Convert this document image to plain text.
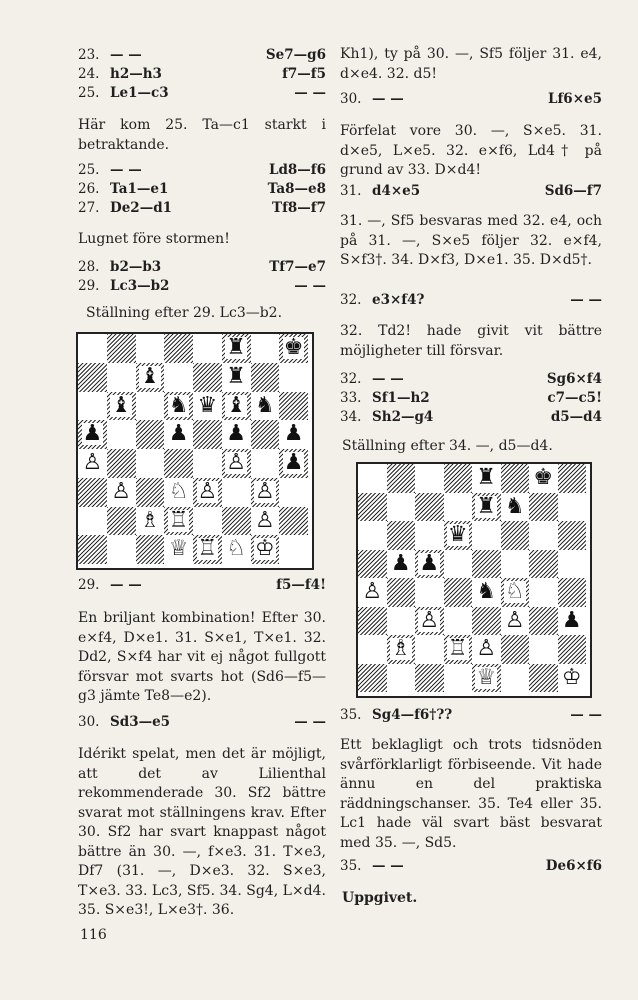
23. — —	Se7—g6
24. h2—h3	f7—f5
25. Le1—c3	— —
Här kom 25. Ta—c1 starkt i betraktande.
25. — —	Ld8—f6
26. Ta1—e1	Ta8—e8
27. De2—d1	Tf8—f7
Lugnet före stormen!
28. b2—b3	Tf7—e7
29. Lc3—b2	— —
Ställning efter 29. Lc3—b2.
♜ ♚
♝	♜
♝ ♞ ♛ ♝ ♞
♟	♟ ♟ ♟
♙	♙ ♟
♙ ♘ ♙ ♙
♗ ♖	♙
♕ ♖ ♘ ♔
29. — —	f5—f4!
En briljant kombination! Efter 30. e×f4, D×e1. 31. S×e1, T×e1. 32. Dd2, S×f4 har vit ej något fullgott försvar mot svarts hot (Sd6—f5—g3 jämte Te8—e2).
30. Sd3—e5	— —
Idérikt spelat, men det är möjligt, att det av Lilienthal rekommenderade 30. Sf2 bättre svarat mot ställningens krav. Efter 30. Sf2 har svart knappast något bättre än 30. —, f×e3. 31. T×e3, Df7 (31. —, D×e3. 32. S×e3, T×e3. 33. Lc3, Sf5. 34. Sg4, L×d4. 35. S×e3!, L×e3†. 36.
Kh1), ty på 30. —, Sf5 följer 31. e4, d×e4. 32. d5!
30. — —	Lf6×e5
Förfelat vore 30. —, S×e5. 31. d×e5, L×e5. 32. e×f6, Ld4† på grund av 33. D×d4!
31. d4×e5	Sd6—f7
31. —, Sf5 besvaras med 32. e4, och på 31. —, S×e5 följer 32. e×f4, S×f3†. 34. D×f3, D×e1. 35. D×d5†.
32. e3×f4?	— —
32. Td2! hade givit vit bättre möjligheter till försvar.
32. — —	Sg6×f4
33. Sf1—h2	c7—c5!
34. Sh2—g4	d5—d4
Ställning efter 34. —, d5—d4.
♜ ♚
♜ ♞
♛
♟ ♟
♙	♞ ♘
♙	♙ ♟
♗ ♖ ♙
♕	♔
35. Sg4—f6†??	— —
Ett beklagligt och trots tidsnöden svårförklarligt förbiseende. Vit hade ännu en del praktiska räddningschanser. 35. Te4 eller 35. Lc1 hade väl svart bäst besvarat med 35. —, Sd5.
35. — —	De6×f6
Uppgivet.
116
